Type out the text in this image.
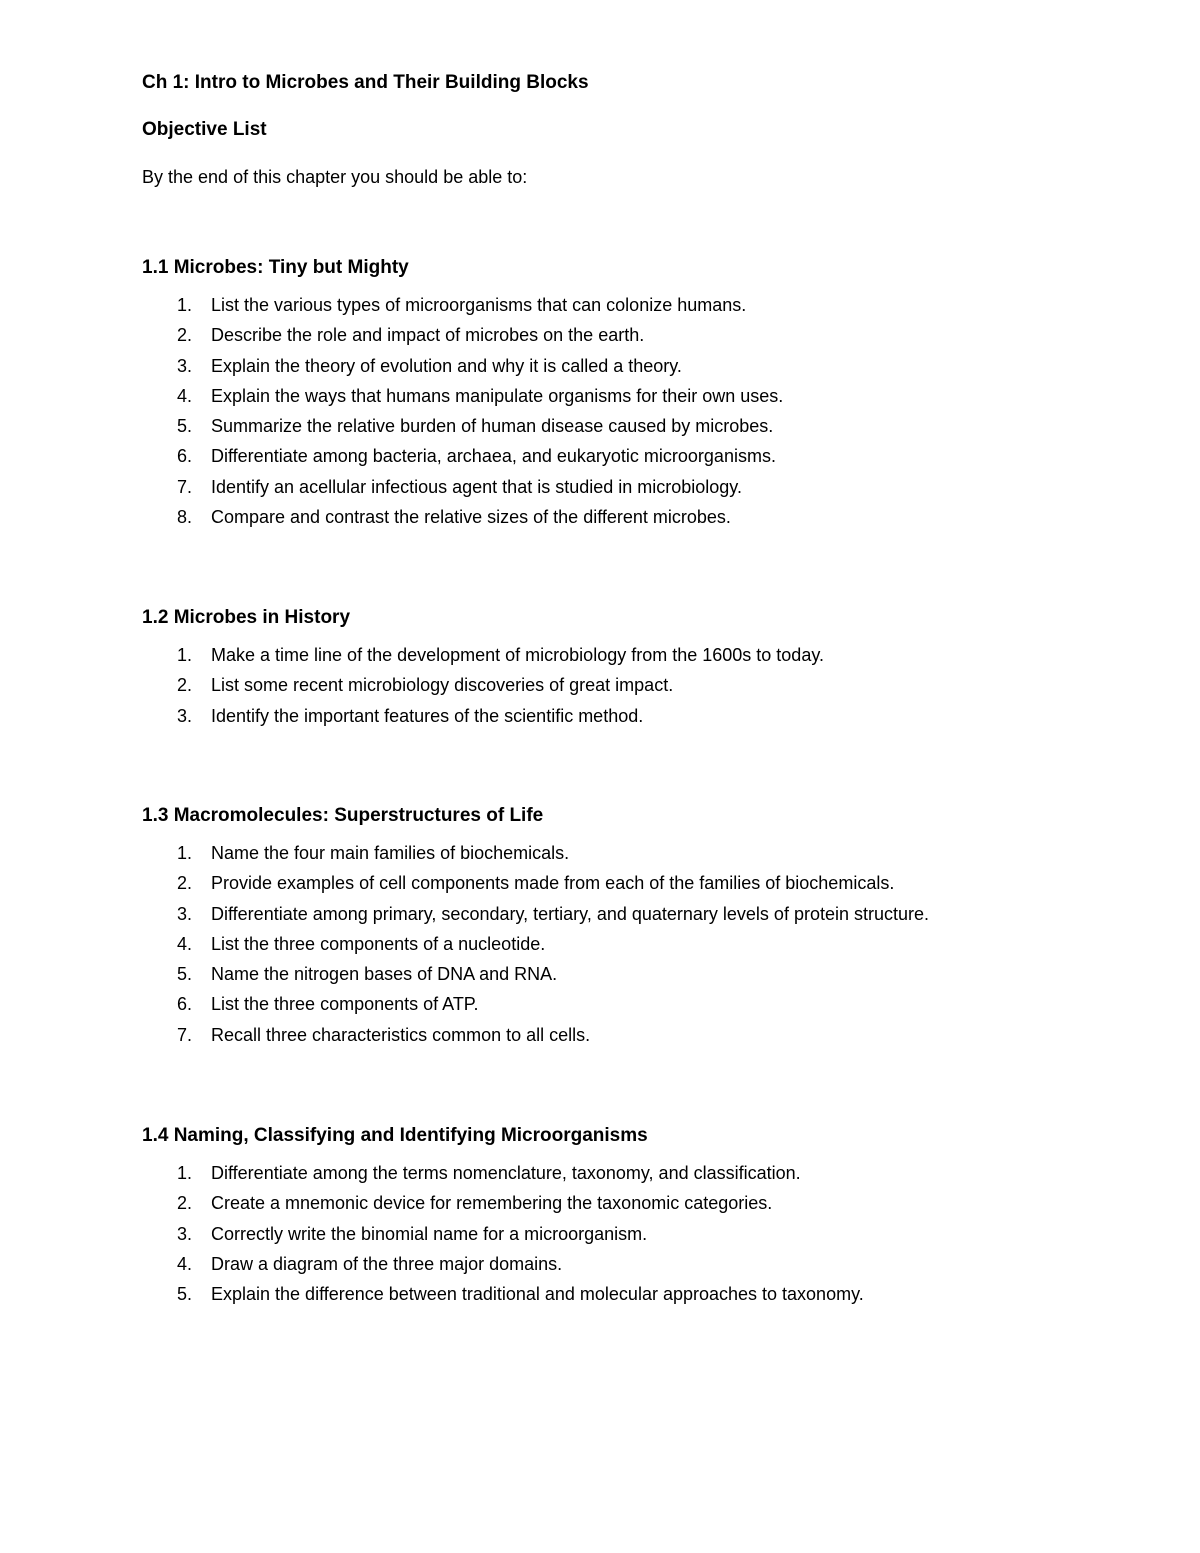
Ch 1: Intro to Microbes and Their Building Blocks
Objective List

By the end of this chapter you should be able to:

1.1 Microbes: Tiny but Mighty
1. List the various types of microorganisms that can colonize humans.
2. Describe the role and impact of microbes on the earth.
3. Explain the theory of evolution and why it is called a theory.
4. Explain the ways that humans manipulate organisms for their own uses.
5. Summarize the relative burden of human disease caused by microbes.
6. Differentiate among bacteria, archaea, and eukaryotic microorganisms.
7. Identify an acellular infectious agent that is studied in microbiology.
8. Compare and contrast the relative sizes of the different microbes.
1.2 Microbes in History
1. Make a time line of the development of microbiology from the 1600s to today.
2. List some recent microbiology discoveries of great impact.
3. Identify the important features of the scientific method.
1.3 Macromolecules: Superstructures of Life
1. Name the four main families of biochemicals.
2. Provide examples of cell components made from each of the families of biochemicals.
3. Differentiate among primary, secondary, tertiary, and quaternary levels of protein structure.
4. List the three components of a nucleotide.
5. Name the nitrogen bases of DNA and RNA.
6. List the three components of ATP.
7. Recall three characteristics common to all cells.
1.4 Naming, Classifying and Identifying Microorganisms
1. Differentiate among the terms nomenclature, taxonomy, and classification.
2. Create a mnemonic device for remembering the taxonomic categories.
3. Correctly write the binomial name for a microorganism.
4. Draw a diagram of the three major domains.
5. Explain the difference between traditional and molecular approaches to taxonomy.
